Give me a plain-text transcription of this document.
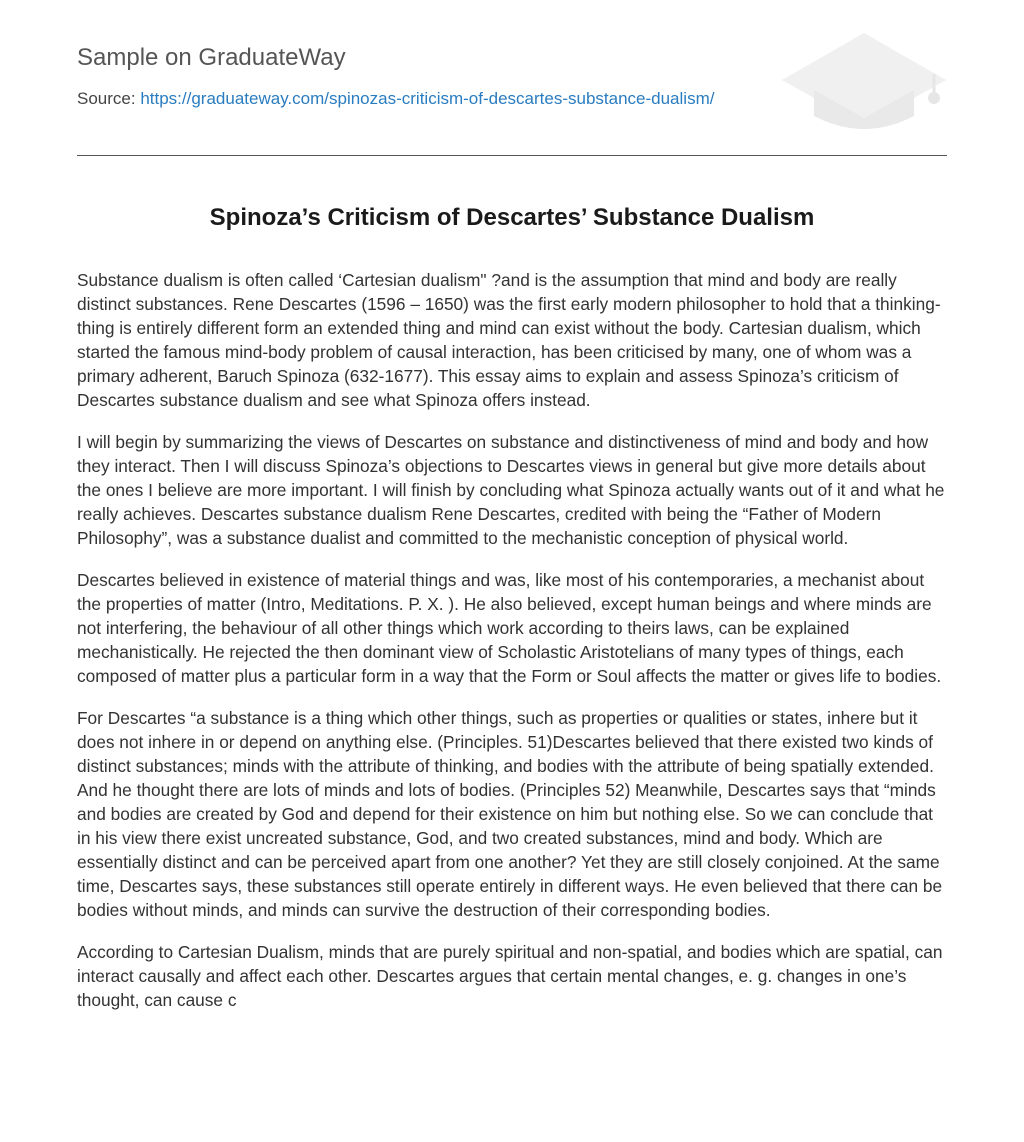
Sample on GraduateWay
Source: https://graduateway.com/spinozas-criticism-of-descartes-substance-dualism/
Spinoza’s Criticism of Descartes’ Substance Dualism

Substance dualism is often called ‘Cartesian dualism" ?and is the assumption that mind and body are really distinct substances. Rene Descartes (1596 – 1650) was the first early modern philosopher to hold that a thinking-thing is entirely different form an extended thing and mind can exist without the body. Cartesian dualism, which started the famous mind-body problem of causal interaction, has been criticised by many, one of whom was a primary adherent, Baruch Spinoza (632-1677). This essay aims to explain and assess Spinoza’s criticism of Descartes substance dualism and see what Spinoza offers instead.

I will begin by summarizing the views of Descartes on substance and distinctiveness of mind and body and how they interact. Then I will discuss Spinoza’s objections to Descartes views in general but give more details about the ones I believe are more important. I will finish by concluding what Spinoza actually wants out of it and what he really achieves. Descartes substance dualism Rene Descartes, credited with being the “Father of Modern Philosophy”, was a substance dualist and committed to the mechanistic conception of physical world.

Descartes believed in existence of material things and was, like most of his contemporaries, a mechanist about the properties of matter (Intro, Meditations. P. X. ). He also believed, except human beings and where minds are not interfering, the behaviour of all other things which work according to theirs laws, can be explained mechanistically. He rejected the then dominant view of Scholastic Aristotelians of many types of things, each composed of matter plus a particular form in a way that the Form or Soul affects the matter or gives life to bodies.

For Descartes “a substance is a thing which other things, such as properties or qualities or states, inhere but it does not inhere in or depend on anything else. (Principles. 51)Descartes believed that there existed two kinds of distinct substances; minds with the attribute of thinking, and bodies with the attribute of being spatially extended. And he thought there are lots of minds and lots of bodies. (Principles 52) Meanwhile, Descartes says that “minds and bodies are created by God and depend for their existence on him but nothing else. So we can conclude that in his view there exist uncreated substance, God, and two created substances, mind and body. Which are essentially distinct and can be perceived apart from one another? Yet they are still closely conjoined. At the same time, Descartes says, these substances still operate entirely in different ways. He even believed that there can be bodies without minds, and minds can survive the destruction of their corresponding bodies.

According to Cartesian Dualism, minds that are purely spiritual and non-spatial, and bodies which are spatial, can interact causally and affect each other. Descartes argues that certain mental changes, e. g. changes in one’s thought, can cause c
